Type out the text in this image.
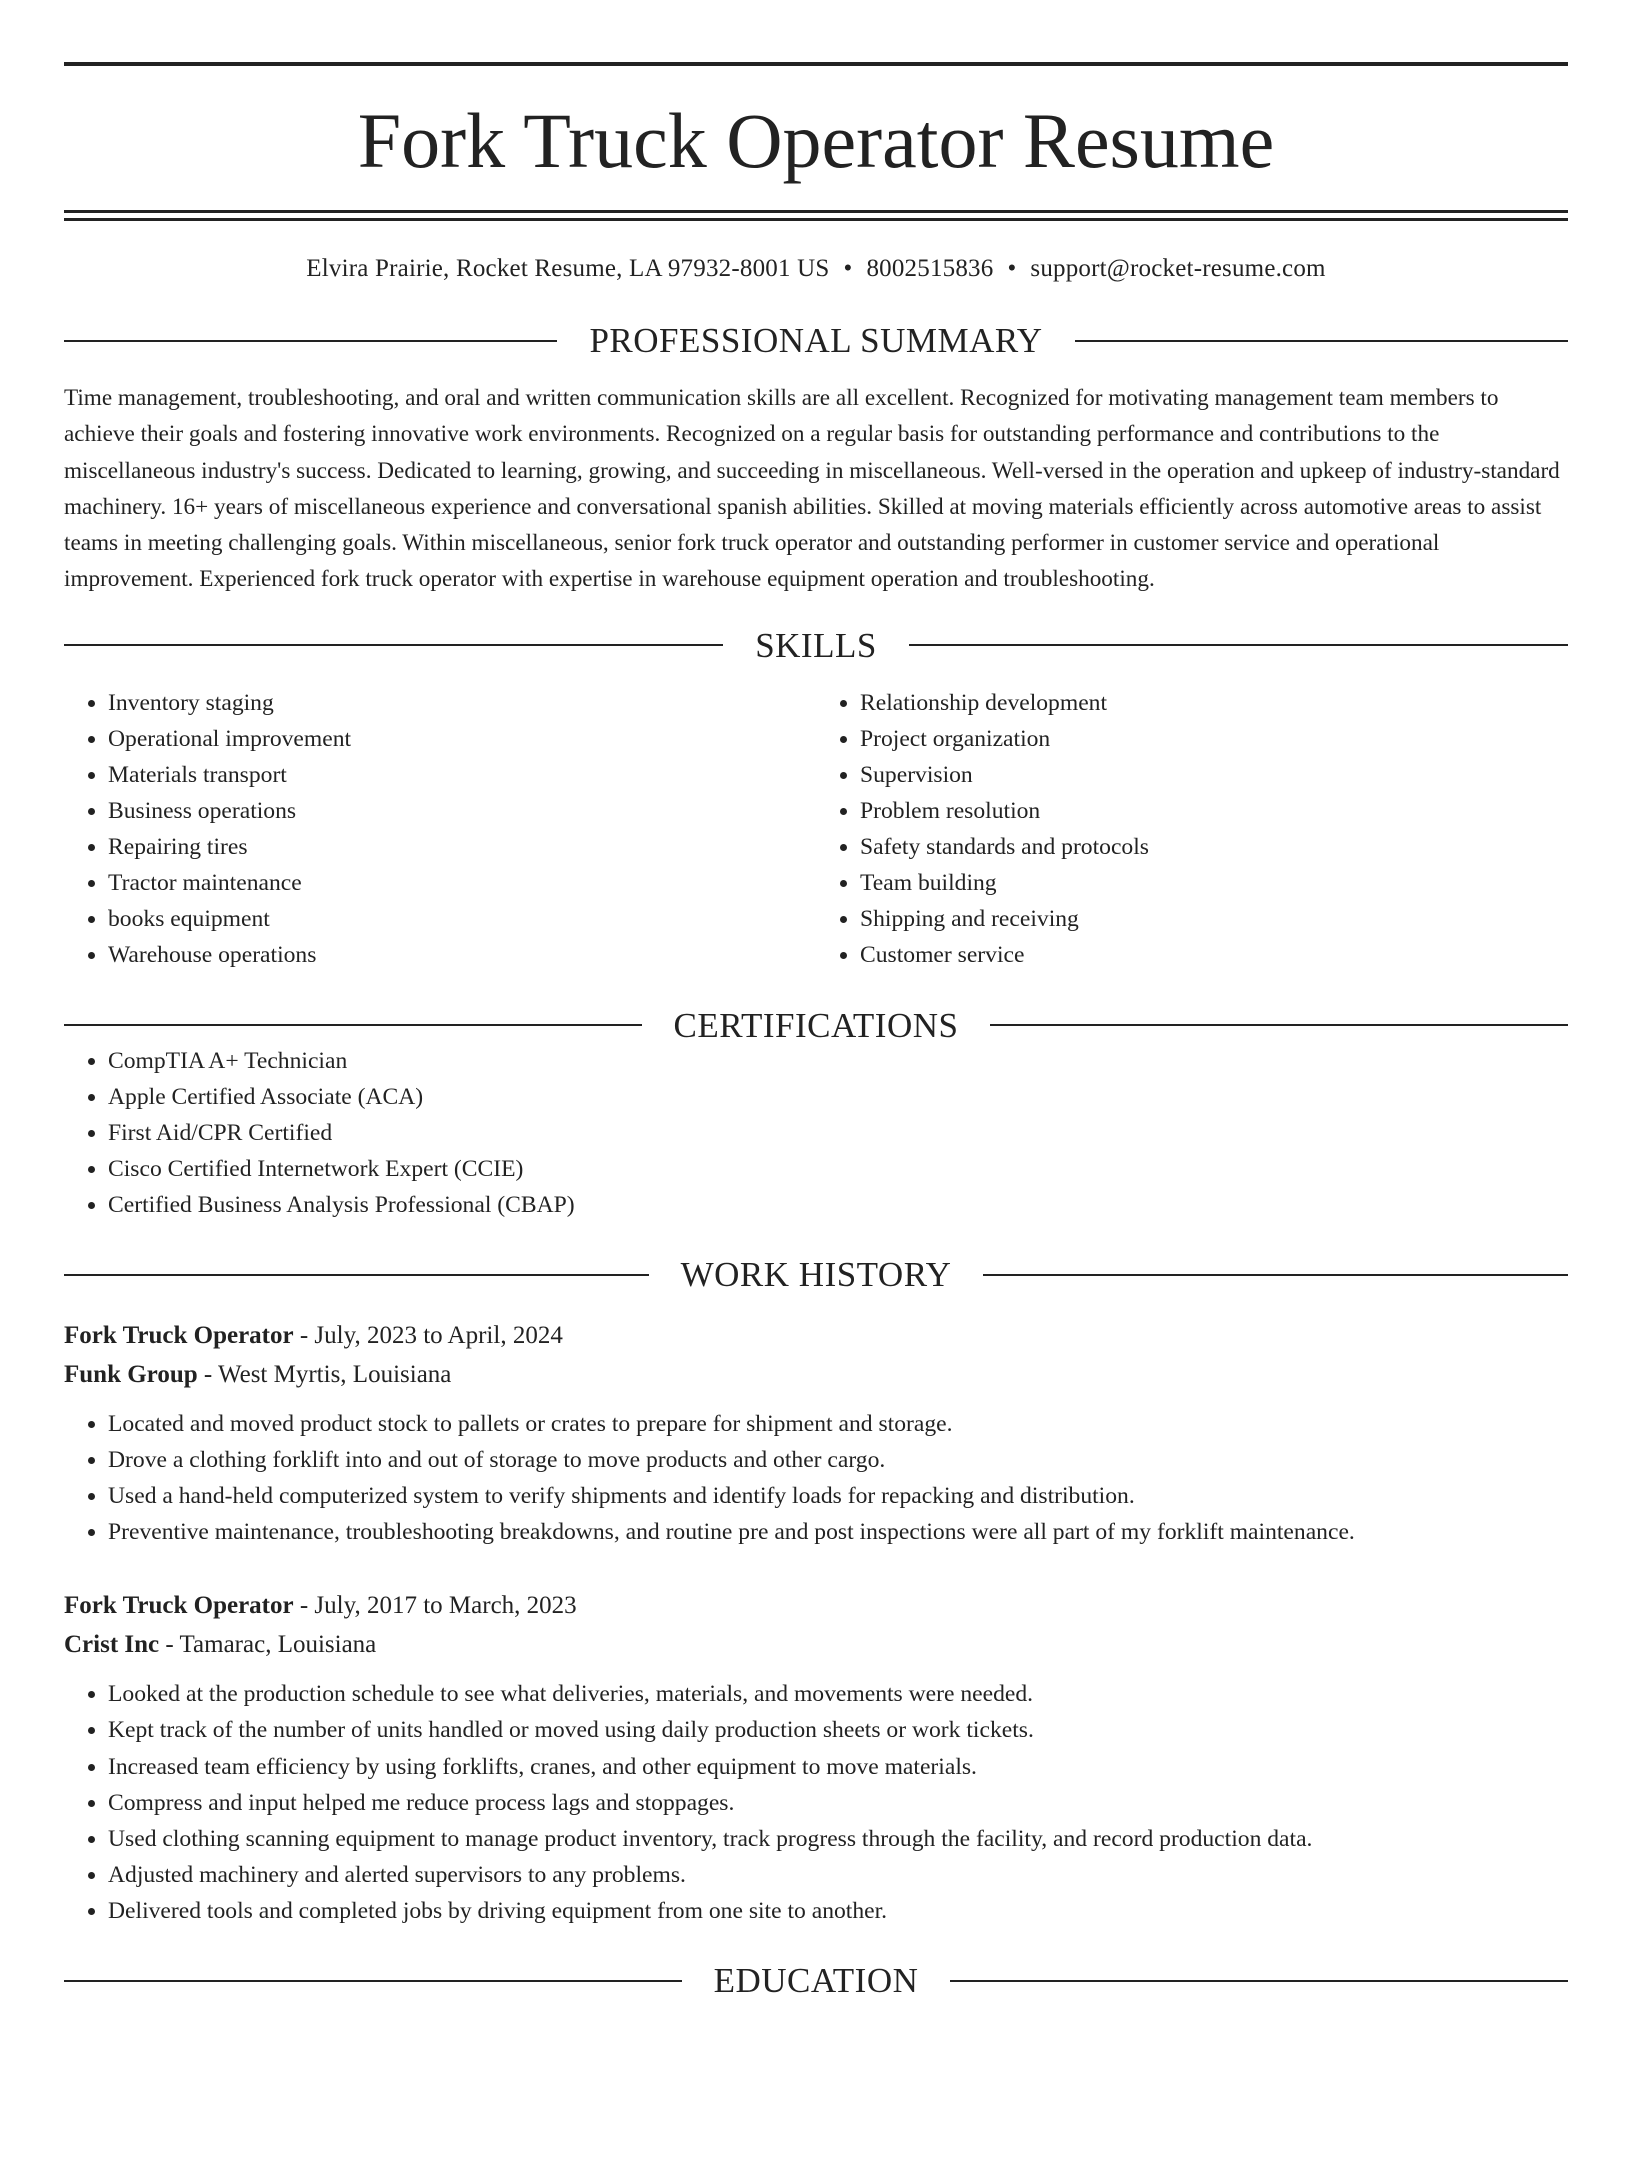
Fork Truck Operator Resume
Elvira Prairie, Rocket Resume, LA 97932-8001 US • 8002515836 • support@rocket-resume.com
PROFESSIONAL SUMMARY
Time management, troubleshooting, and oral and written communication skills are all excellent. Recognized for motivating management team members to achieve their goals and fostering innovative work environments. Recognized on a regular basis for outstanding performance and contributions to the miscellaneous industry's success. Dedicated to learning, growing, and succeeding in miscellaneous. Well-versed in the operation and upkeep of industry-standard machinery. 16+ years of miscellaneous experience and conversational spanish abilities. Skilled at moving materials efficiently across automotive areas to assist teams in meeting challenging goals. Within miscellaneous, senior fork truck operator and outstanding performer in customer service and operational improvement. Experienced fork truck operator with expertise in warehouse equipment operation and troubleshooting.
SKILLS
• Inventory staging
• Operational improvement
• Materials transport
• Business operations
• Repairing tires
• Tractor maintenance
• books equipment
• Warehouse operations
• Relationship development
• Project organization
• Supervision
• Problem resolution
• Safety standards and protocols
• Team building
• Shipping and receiving
• Customer service
CERTIFICATIONS
• CompTIA A+ Technician
• Apple Certified Associate (ACA)
• First Aid/CPR Certified
• Cisco Certified Internetwork Expert (CCIE)
• Certified Business Analysis Professional (CBAP)
WORK HISTORY
Fork Truck Operator - July, 2023 to April, 2024
Funk Group - West Myrtis, Louisiana
• Located and moved product stock to pallets or crates to prepare for shipment and storage.
• Drove a clothing forklift into and out of storage to move products and other cargo.
• Used a hand-held computerized system to verify shipments and identify loads for repacking and distribution.
• Preventive maintenance, troubleshooting breakdowns, and routine pre and post inspections were all part of my forklift maintenance.
Fork Truck Operator - July, 2017 to March, 2023
Crist Inc - Tamarac, Louisiana
• Looked at the production schedule to see what deliveries, materials, and movements were needed.
• Kept track of the number of units handled or moved using daily production sheets or work tickets.
• Increased team efficiency by using forklifts, cranes, and other equipment to move materials.
• Compress and input helped me reduce process lags and stoppages.
• Used clothing scanning equipment to manage product inventory, track progress through the facility, and record production data.
• Adjusted machinery and alerted supervisors to any problems.
• Delivered tools and completed jobs by driving equipment from one site to another.
EDUCATION
